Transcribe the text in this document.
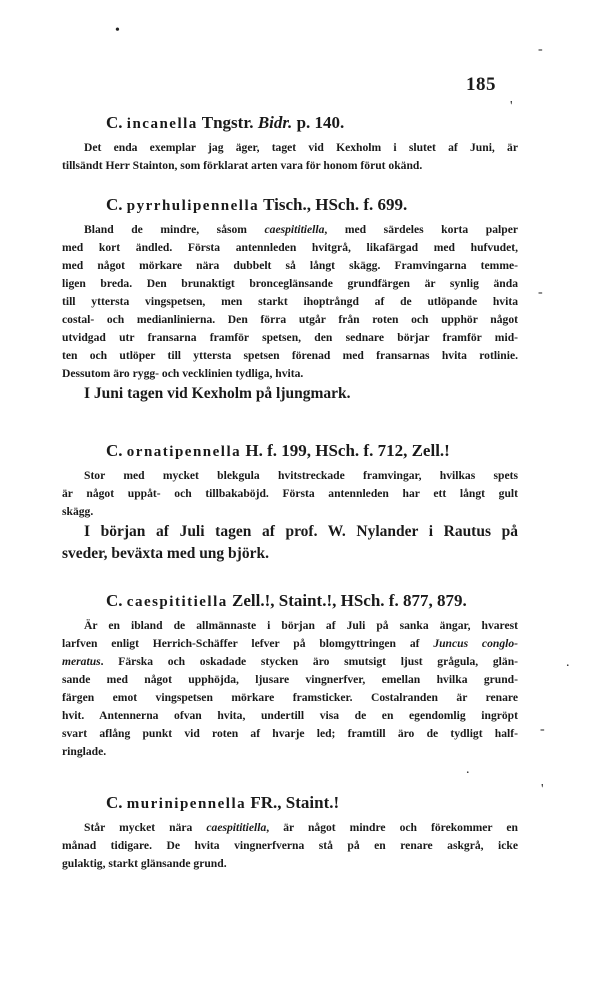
•
-
'
-
.
-
'
.
185
C. incanella Tngstr. Bidr. p. 140.

Det enda exemplar jag äger, taget vid Kexholm i slutet af Juni, är
tillsändt Herr Stainton, som förklarat arten vara för honom förut okänd.

C. pyrrhulipennella Tisch., HSch. f. 699.

Bland de mindre, såsom caespititiella, med särdeles korta palper
med kort ändled. Första antennleden hvitgrå, likafärgad med hufvudet,
med något mörkare nära dubbelt så långt skägg. Framvingarna temme-
ligen breda. Den brunaktigt bronceglänsande grundfärgen är synlig ända
till yttersta vingspetsen, men starkt ihoptrångd af de utlöpande hvita
costal- och medianlinierna. Den förra utgår från roten och upphör något
utvidgad utr fransarna framför spetsen, den sednare börjar framför mid-
ten och utlöper till yttersta spetsen förenad med fransarnas hvita rotlinie.
Dessutom äro rygg- och vecklinien tydliga, hvita.

I Juni tagen vid Kexholm på ljungmark.

C. ornatipennella H. f. 199, HSch. f. 712, Zell.!

Stor med mycket blekgula hvitstreckade framvingar, hvilkas spets
är något uppåt- och tillbakaböjd. Första antennleden har ett långt gult
skägg.

I början af Juli tagen af prof. W. Nylander i Rautus på
sveder, beväxta med ung björk.

C. caespititiella Zell.!, Staint.!, HSch. f. 877, 879.

Är en ibland de allmännaste i början af Juli på sanka ängar, hvarest
larfven enligt Herrich-Schäffer lefver på blomgyttringen af Juncus conglo-
meratus. Färska och oskadade stycken äro smutsigt ljust grågula, glän-
sande med något upphöjda, ljusare vingnerfver, emellan hvilka grund-
färgen emot vingspetsen mörkare framsticker. Costalranden är renare
hvit. Antennerna ofvan hvita, undertill visa de en egendomlig ingröpt
svart aflång punkt vid roten af hvarje led; framtill äro de tydligt half-
ringlade.

C. murinipennella FR., Staint.!

Står mycket nära caespititiella, är något mindre och förekommer en
månad tidigare. De hvita vingnerfverna stå på en renare askgrå, icke
gulaktig, starkt glänsande grund.
